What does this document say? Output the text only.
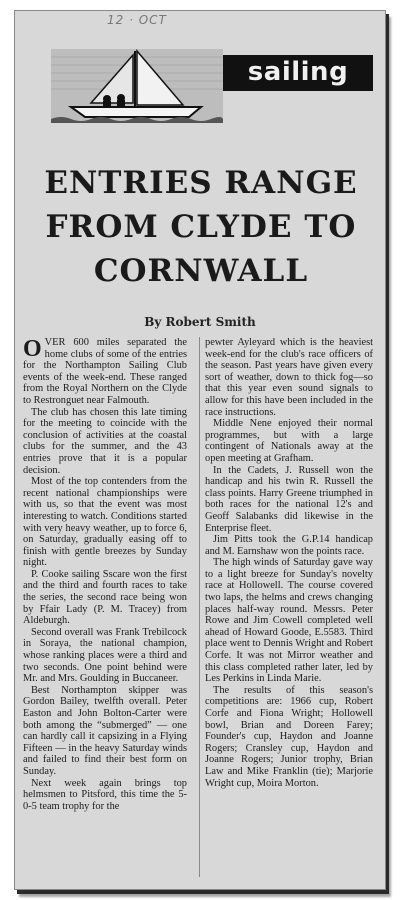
12 · OCT
sailing
ENTRIES RANGE
FROM CLYDE TO
CORNWALL
By Robert Smith

OVER 600 miles separated the home clubs of some of the entries for the Northampton Sailing Club events of the week-end. These ranged from the Royal Northern on the Clyde to Restronguet near Falmouth.

The club has chosen this late timing for the meeting to coincide with the conclusion of activities at the coastal clubs for the summer, and the 43 entries prove that it is a popular decision.

Most of the top contenders from the recent national championships were with us, so that the event was most interesting to watch. Conditions started with very heavy weather, up to force 6, on Saturday, gradually easing off to finish with gentle breezes by Sunday night.

P. Cooke sailing Sscare won the first and the third and fourth races to take the series, the second race being won by Ffair Lady (P. M. Tracey) from Aldeburgh.

Second overall was Frank Trebilcock in Soraya, the national champion, whose ranking places were a third and two seconds. One point behind were Mr. and Mrs. Goulding in Buccaneer.

Best Northampton skipper was Gordon Bailey, twelfth overall. Peter Easton and John Bolton-Carter were both among the “submerged” — one can hardly call it capsizing in a Flying Fifteen — in the heavy Saturday winds and failed to find their best form on Sunday.

Next week again brings top helmsmen to Pitsford, this time the 5-0-5 team trophy for the

pewter Ayleyard which is the heaviest week-end for the club's race officers of the season. Past years have given every sort of weather, down to thick fog—so that this year even sound signals to allow for this have been included in the race instructions.

Middle Nene enjoyed their normal programmes, but with a large contingent of Nationals away at the open meeting at Grafham.

In the Cadets, J. Russell won the handicap and his twin R. Russell the class points. Harry Greene triumphed in both races for the national 12's and Geoff Salabanks did likewise in the Enterprise fleet.

Jim Pitts took the G.P.14 handicap and M. Earnshaw won the points race.

The high winds of Saturday gave way to a light breeze for Sunday's novelty race at Hollowell. The course covered two laps, the helms and crews changing places half-way round. Messrs. Peter Rowe and Jim Cowell completed well ahead of Howard Goode, E.5583. Third place went to Dennis Wright and Robert Corfe. It was not Mirror weather and this class completed rather later, led by Les Perkins in Linda Marie.

The results of this season's competitions are: 1966 cup, Robert Corfe and Fiona Wright; Hollowell bowl, Brian and Doreen Farey; Founder's cup, Haydon and Joanne Rogers; Cransley cup, Haydon and Joanne Rogers; Junior trophy, Brian Law and Mike Franklin (tie); Marjorie Wright cup, Moira Morton.
